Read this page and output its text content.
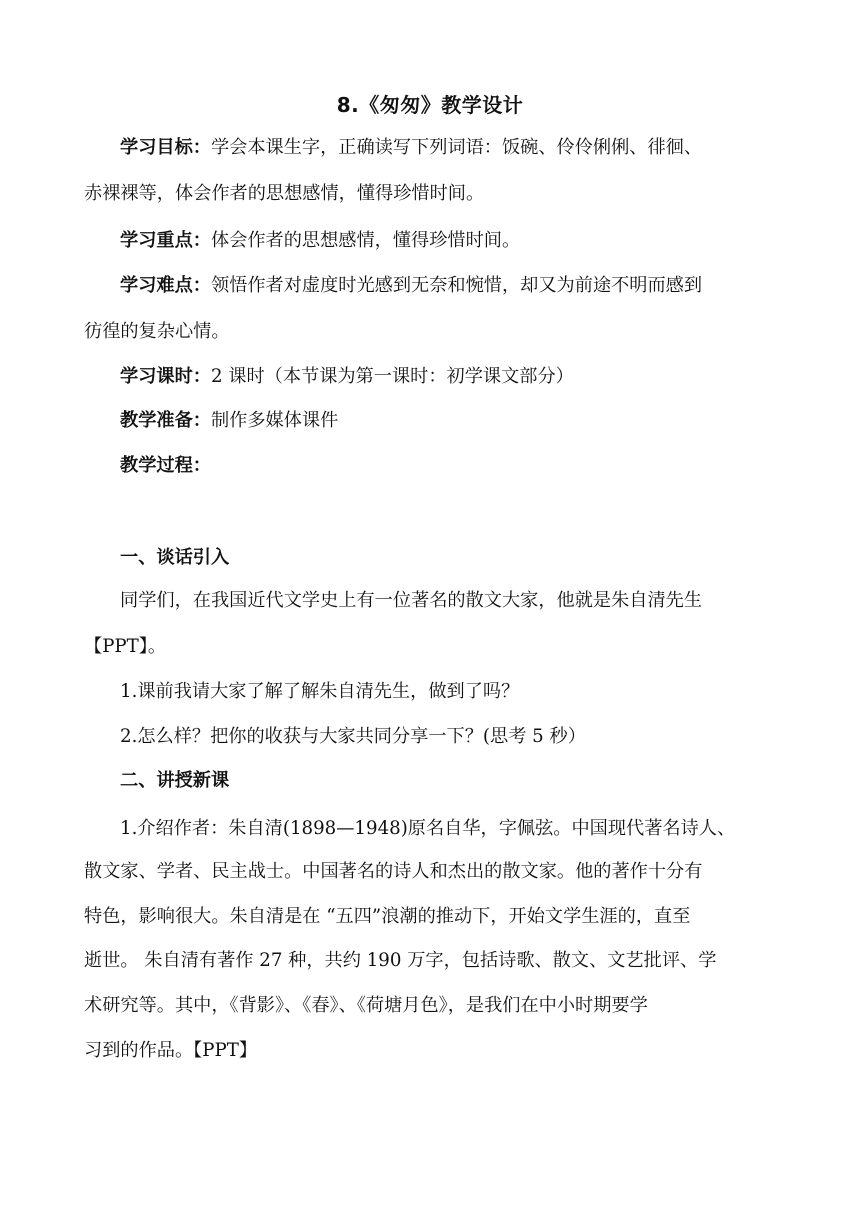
8.《匆匆》教学设计
学习目标：学会本课生字，正确读写下列词语：饭碗、伶伶俐俐、徘徊、
赤裸裸等，体会作者的思想感情，懂得珍惜时间。
学习重点：体会作者的思想感情，懂得珍惜时间。
学习难点：领悟作者对虚度时光感到无奈和惋惜，却又为前途不明而感到
彷徨的复杂心情。
学习课时：2 课时（本节课为第一课时：初学课文部分）
教学准备：制作多媒体课件
教学过程：
一、谈话引入
同学们，在我国近代文学史上有一位著名的散文大家，他就是朱自清先生
【PPT】。
1.课前我请大家了解了解朱自清先生，做到了吗？
2.怎么样？把你的收获与大家共同分享一下？(思考 5 秒）
二、讲授新课
1.介绍作者：朱自清(1898—1948)原名自华，字佩弦。中国现代著名诗人、
散文家、学者、民主战士。中国著名的诗人和杰出的散文家。他的著作十分有
特色，影响很大。朱自清是在 “五四”浪潮的推动下，开始文学生涯的，直至
逝世。 朱自清有著作 27 种，共约 190 万字，包括诗歌、散文、文艺批评、学
术研究等。其中，《背影》、《春》、《荷塘月色》，是我们在中小时期要学
习到的作品。【PPT】
